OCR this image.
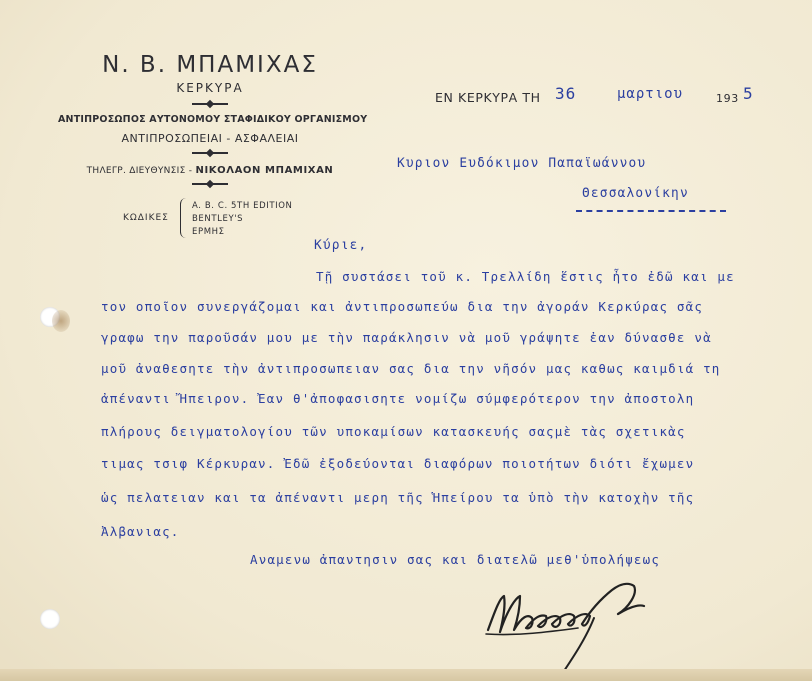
Ν. Β. ΜΠΑΜΙΧΑΣ
ΚΕΡΚΥΡΑ
ΑΝΤΙΠΡΟΣΩΠΟΣ ΑΥΤΟΝΟΜΟΥ ΣΤΑΦΙΔΙΚΟΥ ΟΡΓΑΝΙΣΜΟΥ
ΑΝΤΙΠΡΟΣΩΠΕΙΑΙ - ΑΣΦΑΛΕΙΑΙ
ΤΗΛΕΓΡ. ΔΙΕΥΘΥΝΣΙΣ - ΝΙΚΟΛΑΟΝ ΜΠΑΜΙΧΑΝ
ΚΩΔΙΚΕΣ
A. B. C. 5TH EDITION
BENTLEY'S
ΕΡΜΗΣ
ΕΝ ΚΕΡΚΥΡΑ ΤΗ 36	μαρτιου	193 5
Κυριον Ευδόκιμον Παπαϊωάννου
Θεσσαλονίκην
Κύριε,
Τῇ συστάσει τοῦ κ. Τρελλίδη ἕστις ἦτο ἐδῶ και με
τον οποῖον συνεργάζομαι και ἀντιπροσωπεύω δια την ἀγοράν Κερκύρας σᾶς
γραφω την παροῦσάν μου με τὴν παράκλησιν νὰ μοῦ γράψητε ἐαν δύνασθε νὰ
μοῦ ἀναθεσητε τὴν ἀντιπροσωπειαν σας δια την νῆσόν μας καθως καιμδιά τη
ἀπέναντι Ἤπειρον. Ἐαν θ'ἀποφασισητε νομίζω σύμφερότερον την ἀποστολη
πλήρους δειγματολογίου τῶν υποκαμίσων κατασκευής σαςμὲ τὰς σχετικὰς
τιμας τσιφ Κέρκυραν. Ἐδῶ ἐξοδεύονται διαφόρων ποιοτήτων διότι ἔχωμεν
ὡς πελατειαν και τα ἀπέναντι μερη τῆς Ἡπείρου τα ὑπὸ τὴν κατοχὴν τῆς
Ἀλβανιας.
Αναμενω ἀπαντησιν σας και διατελῶ μεθ'ὑπολήψεως
